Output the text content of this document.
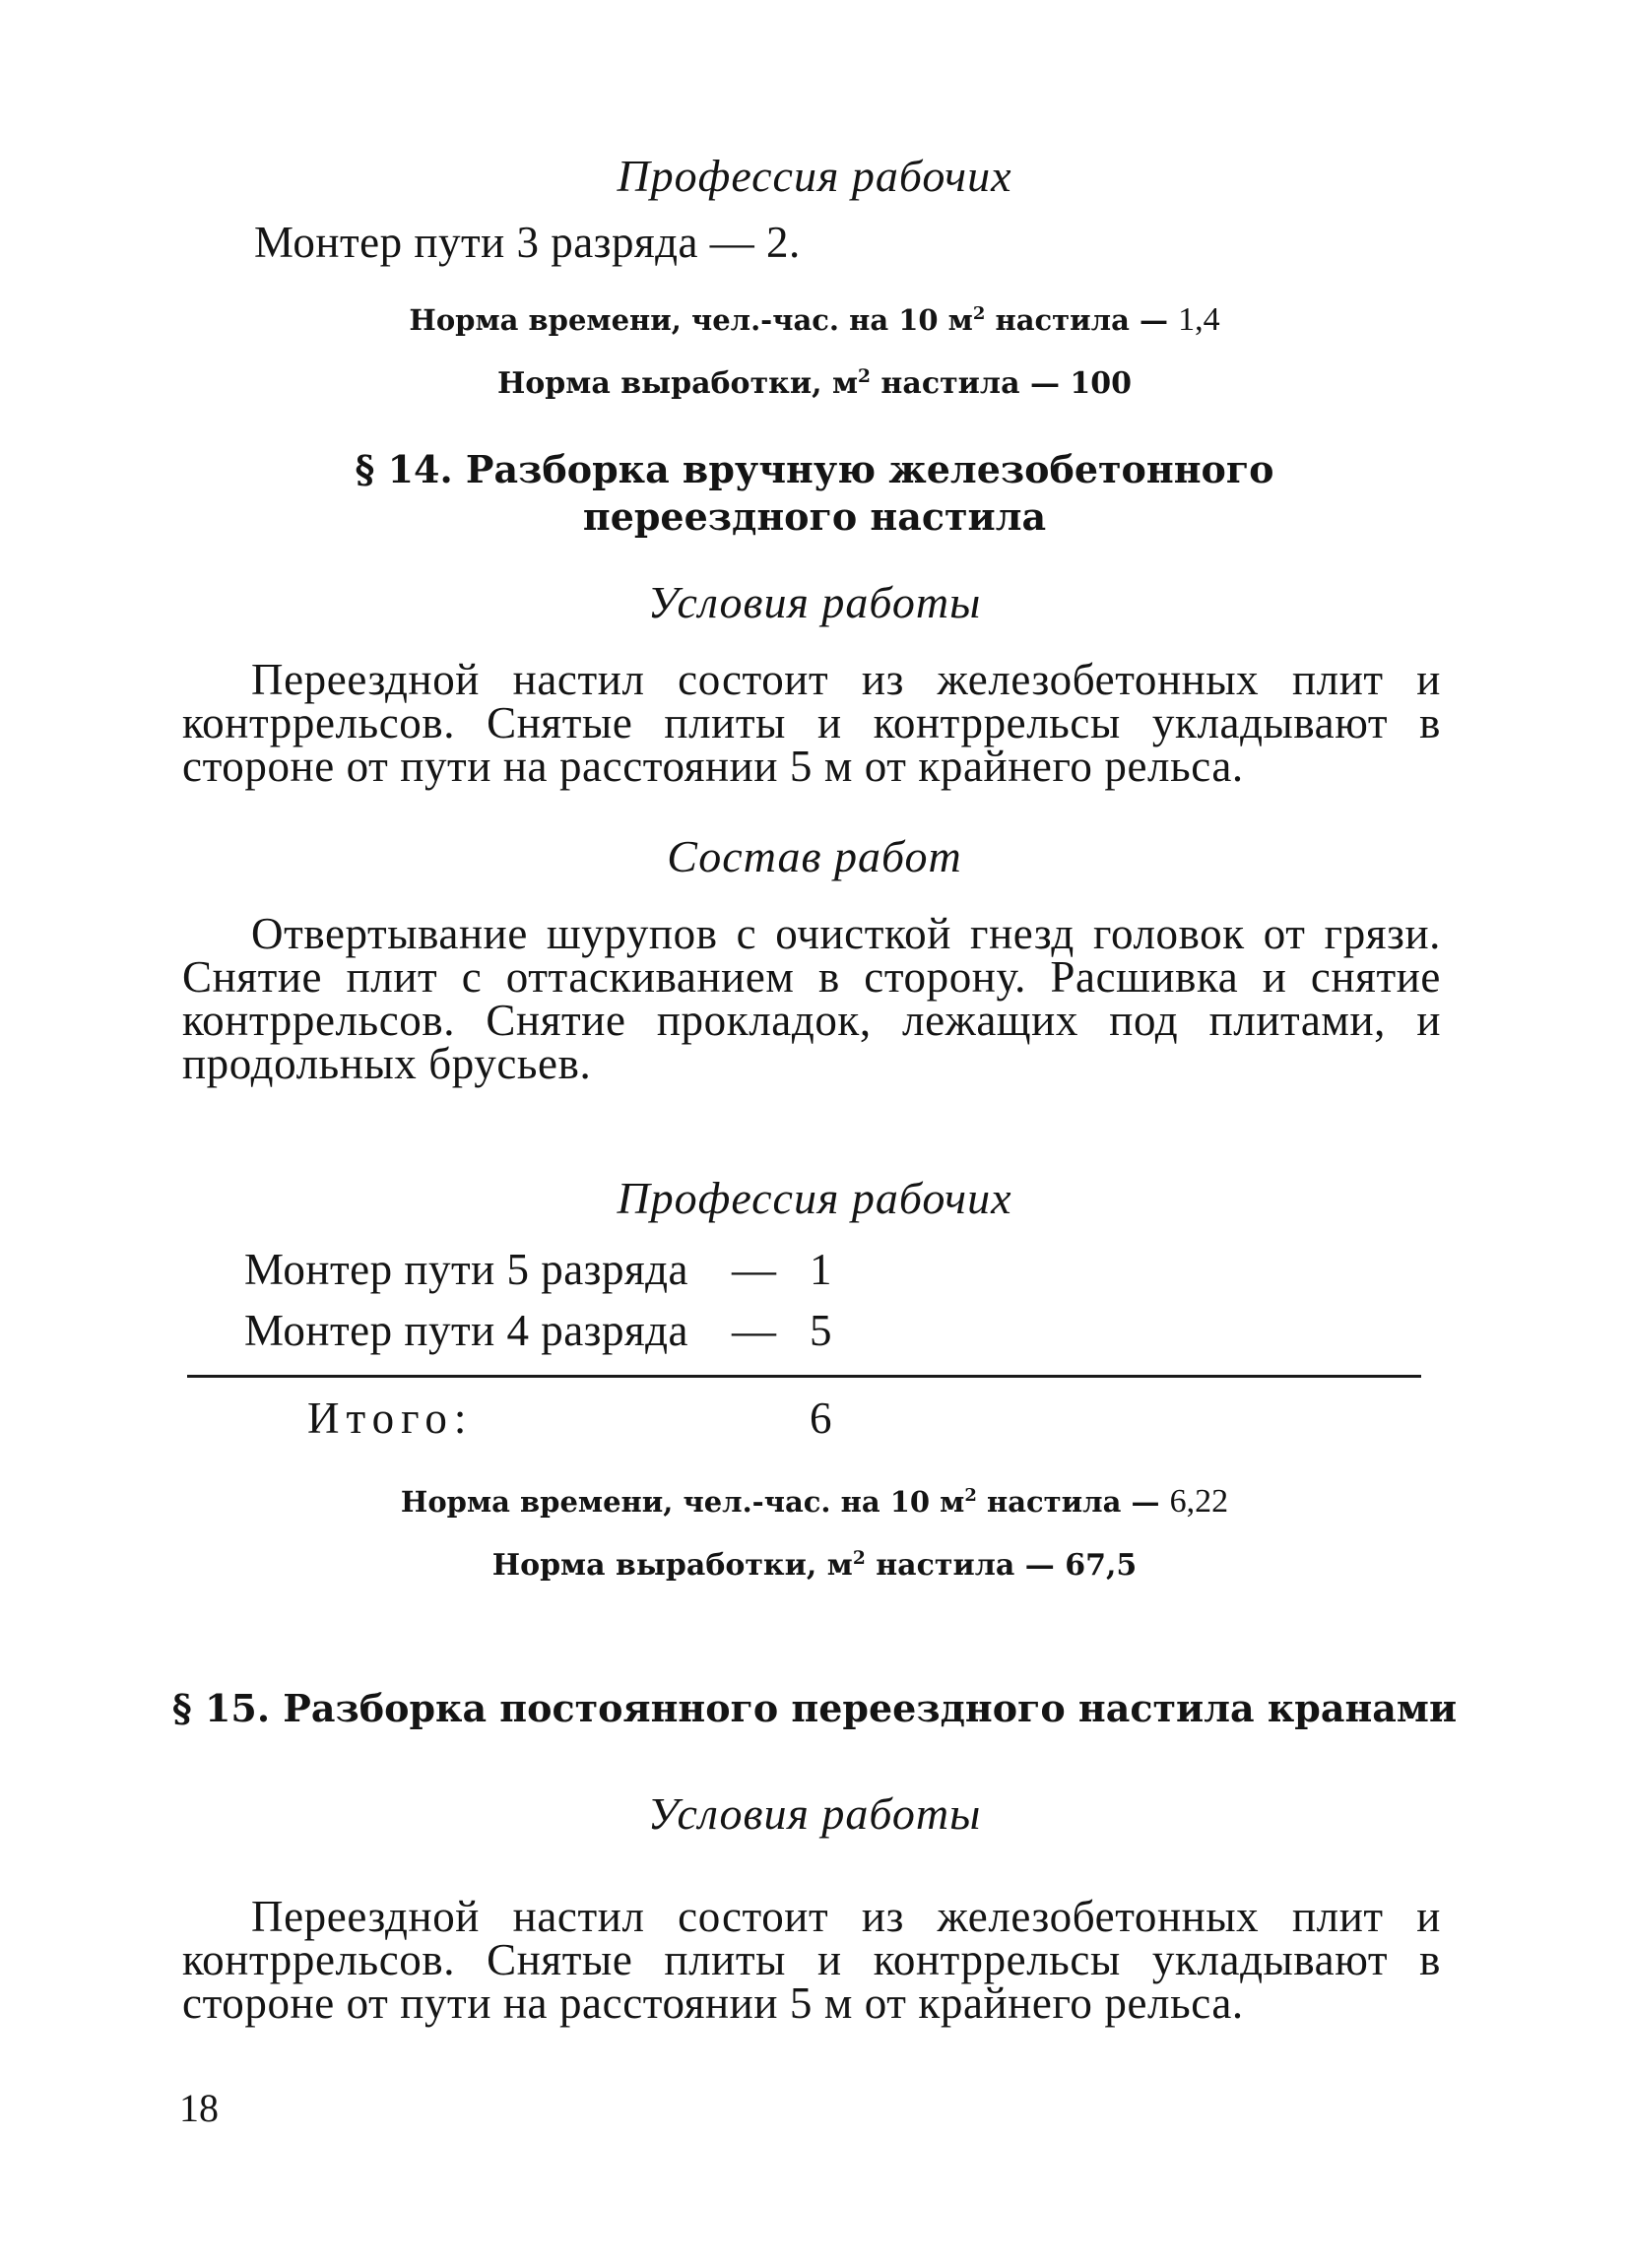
Профессия рабочих
Монтер пути 3 разряда — 2.
Норма времени, чел.-час. на 10 $м^2$ настила — 1,4
Норма выработки, $м^2$ настила — 100
§ 14. Разборка вручную железобетонного
переездного настила
Условия работы
Переездной настил состоит из железобетонных плит и контррельсов. Снятые плиты и контррельсы укладывают в стороне от пути на расстоянии 5 м от крайнего рельса.
Состав работ
Отвертывание шурупов с очисткой гнезд головок от грязи. Снятие плит с оттаскиванием в сторону. Расшивка и снятие контррельсов. Снятие прокладок, лежащих под плитами, и продольных брусьев.
Профессия рабочих
Монтер пути 5 разряда — 1
Монтер пути 4 разряда — 5
Итого:	6
Норма времени, чел.-час. на 10 $м^2$ настила — 6,22
Норма выработки, $м^2$ настила — 67,5
§ 15. Разборка постоянного переездного настила кранами
Условия работы
Переездной настил состоит из железобетонных плит и контррельсов. Снятые плиты и контррельсы укладывают в стороне от пути на расстоянии 5 м от крайнего рельса.
18
